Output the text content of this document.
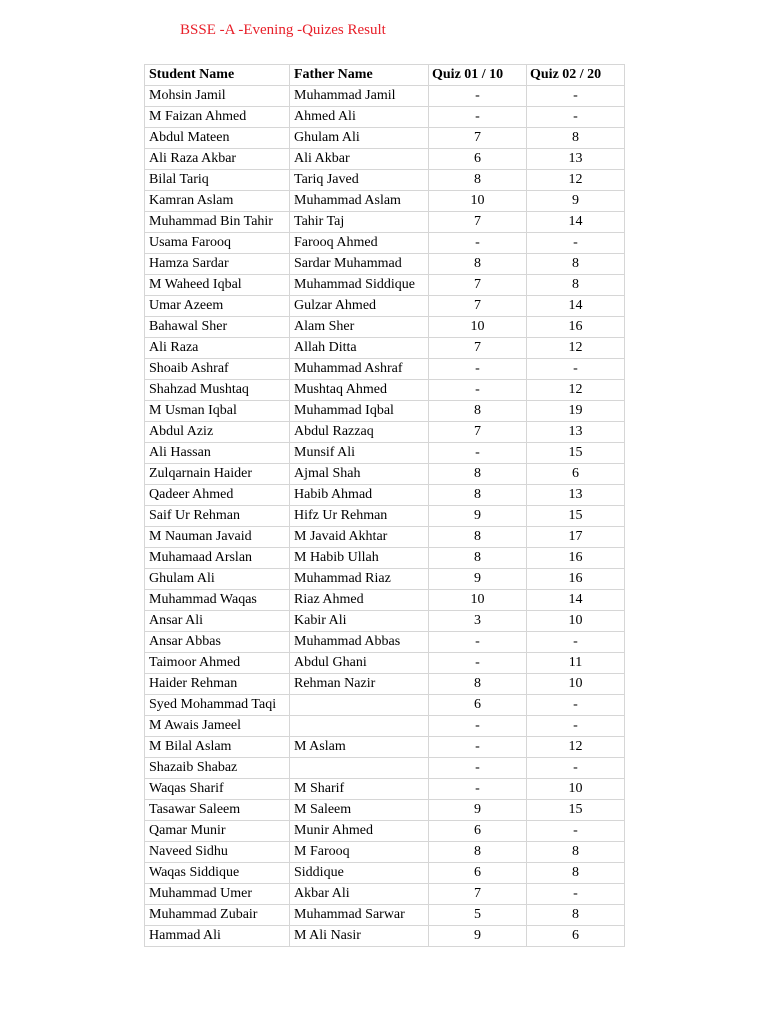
BSSE -A -Evening -Quizes Result
Student Name	Father Name	Quiz 01 / 10	Quiz 02 / 20
Mohsin Jamil	Muhammad Jamil	-	-
M Faizan Ahmed	Ahmed Ali	-	-
Abdul Mateen	Ghulam Ali	7	8
Ali Raza Akbar	Ali Akbar	6	13
Bilal Tariq	Tariq Javed	8	12
Kamran Aslam	Muhammad Aslam	10	9
Muhammad Bin Tahir	Tahir Taj	7	14
Usama Farooq	Farooq Ahmed	-	-
Hamza Sardar	Sardar Muhammad	8	8
M Waheed Iqbal	Muhammad Siddique	7	8
Umar Azeem	Gulzar Ahmed	7	14
Bahawal Sher	Alam Sher	10	16
Ali Raza	Allah Ditta	7	12
Shoaib Ashraf	Muhammad Ashraf	-	-
Shahzad Mushtaq	Mushtaq Ahmed	-	12
M Usman Iqbal	Muhammad Iqbal	8	19
Abdul Aziz	Abdul Razzaq	7	13
Ali Hassan	Munsif Ali	-	15
Zulqarnain Haider	Ajmal Shah	8	6
Qadeer Ahmed	Habib Ahmad	8	13
Saif Ur Rehman	Hifz Ur Rehman	9	15
M Nauman Javaid	M Javaid Akhtar	8	17
Muhamaad Arslan	M Habib Ullah	8	16
Ghulam Ali	Muhammad Riaz	9	16
Muhammad Waqas	Riaz Ahmed	10	14
Ansar Ali	Kabir Ali	3	10
Ansar Abbas	Muhammad Abbas	-	-
Taimoor Ahmed	Abdul Ghani	-	11
Haider Rehman	Rehman Nazir	8	10
Syed Mohammad Taqi		6	-
M Awais Jameel		-	-
M Bilal Aslam	M Aslam	-	12
Shazaib Shabaz		-	-
Waqas Sharif	M Sharif	-	10
Tasawar Saleem	M Saleem	9	15
Qamar Munir	Munir Ahmed	6	-
Naveed Sidhu	M Farooq	8	8
Waqas Siddique	Siddique	6	8
Muhammad Umer	Akbar Ali	7	-
Muhammad Zubair	Muhammad Sarwar	5	8
Hammad Ali	M Ali Nasir	9	6
